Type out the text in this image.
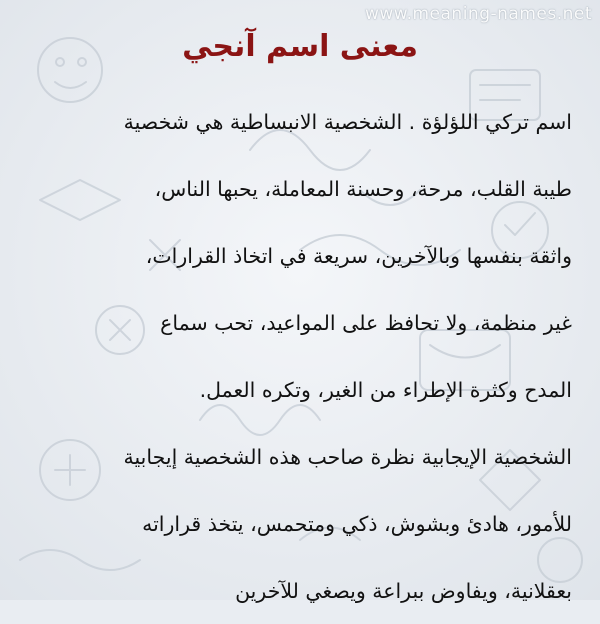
www.meaning-names.net
معنى اسم آنجي
اسم تركي اللؤلؤة . الشخصية الانبساطية هي شخصية
طيبة القلب، مرحة، وحسنة المعاملة، يحبها الناس،
واثقة بنفسها وبالآخرين، سريعة في اتخاذ القرارات،
غير منظمة، ولا تحافظ على المواعيد، تحب سماع
المدح وكثرة الإطراء من الغير، وتكره العمل.
الشخصية الإيجابية نظرة صاحب هذه الشخصية إيجابية
للأمور، هادئ وبشوش، ذكي ومتحمس، يتخذ قراراته
بعقلانية، ويفاوض ببراعة ويصغي للآخرين
